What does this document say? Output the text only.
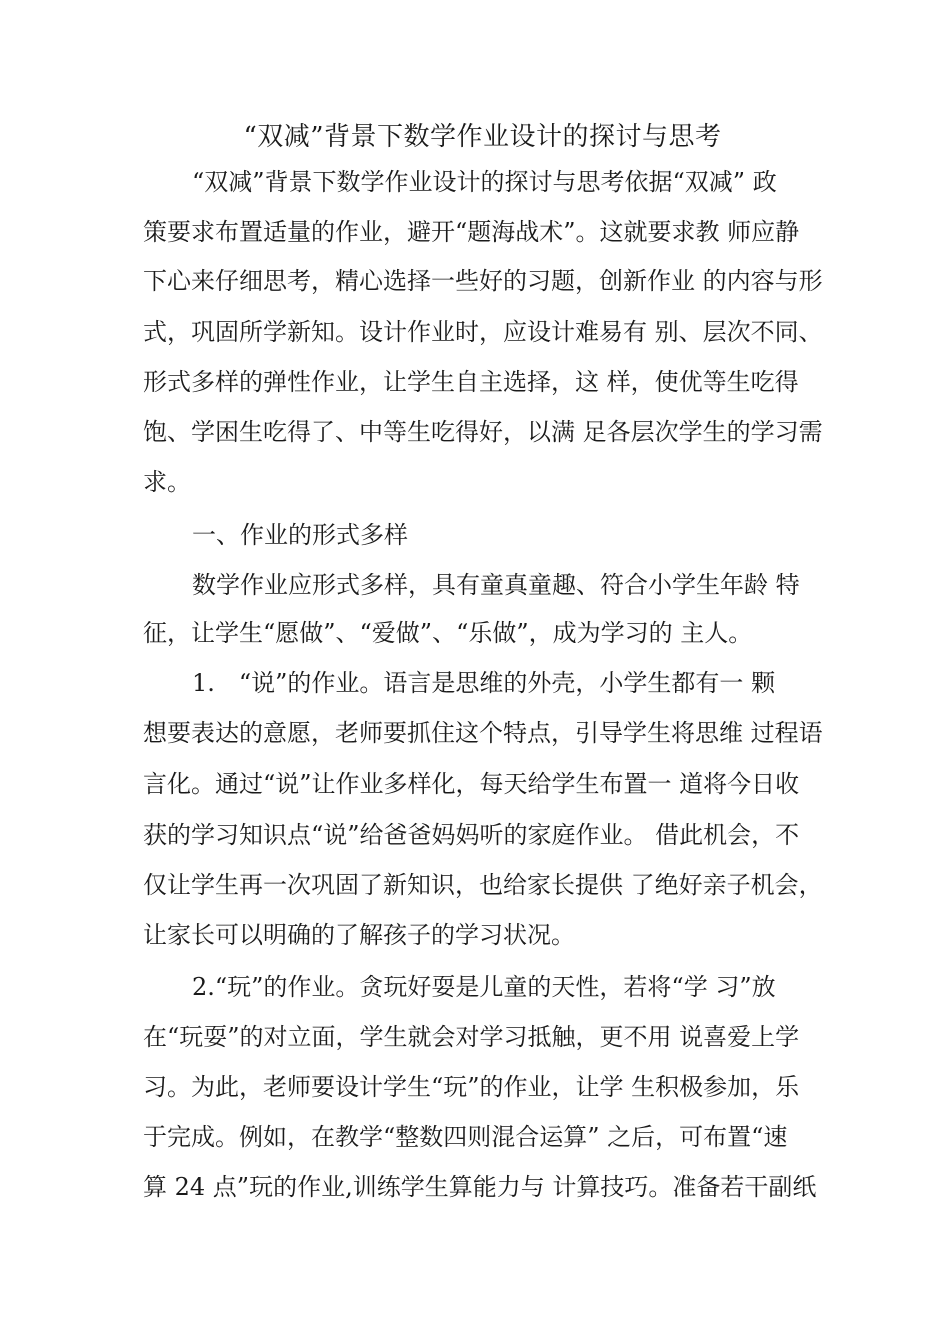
“双减”背景下数学作业设计的探讨与思考
“双减”背景下数学作业设计的探讨与思考依据“双减” 政
策要求布置适量的作业，避开“题海战术”。这就要求教 师应静
下心来仔细思考，精心选择一些好的习题，创新作业 的内容与形
式，巩固所学新知。设计作业时，应设计难易有 别、层次不同、
形式多样的弹性作业，让学生自主选择，这 样，使优等生吃得
饱、学困生吃得了、中等生吃得好，以满 足各层次学生的学习需
求。
一、作业的形式多样
数学作业应形式多样，具有童真童趣、符合小学生年龄 特
征，让学生“愿做”、“爱做”、“乐做”，成为学习的 主人。
1.　“说”的作业。语言是思维的外壳，小学生都有一 颗
想要表达的意愿，老师要抓住这个特点，引导学生将思维 过程语
言化。通过“说”让作业多样化，每天给学生布置一 道将今日收
获的学习知识点“说”给爸爸妈妈听的家庭作业。 借此机会，不
仅让学生再一次巩固了新知识，也给家长提供 了绝好亲子机会，
让家长可以明确的了解孩子的学习状况。
2.“玩”的作业。贪玩好耍是儿童的天性，若将“学 习”放
在“玩耍”的对立面，学生就会对学习抵触，更不用 说喜爱上学
习。为此，老师要设计学生“玩”的作业，让学 生积极参加，乐
于完成。例如，在教学“整数四则混合运算” 之后，可布置“速
算 24 点”玩的作业,训练学生算能力与 计算技巧。准备若干副纸
